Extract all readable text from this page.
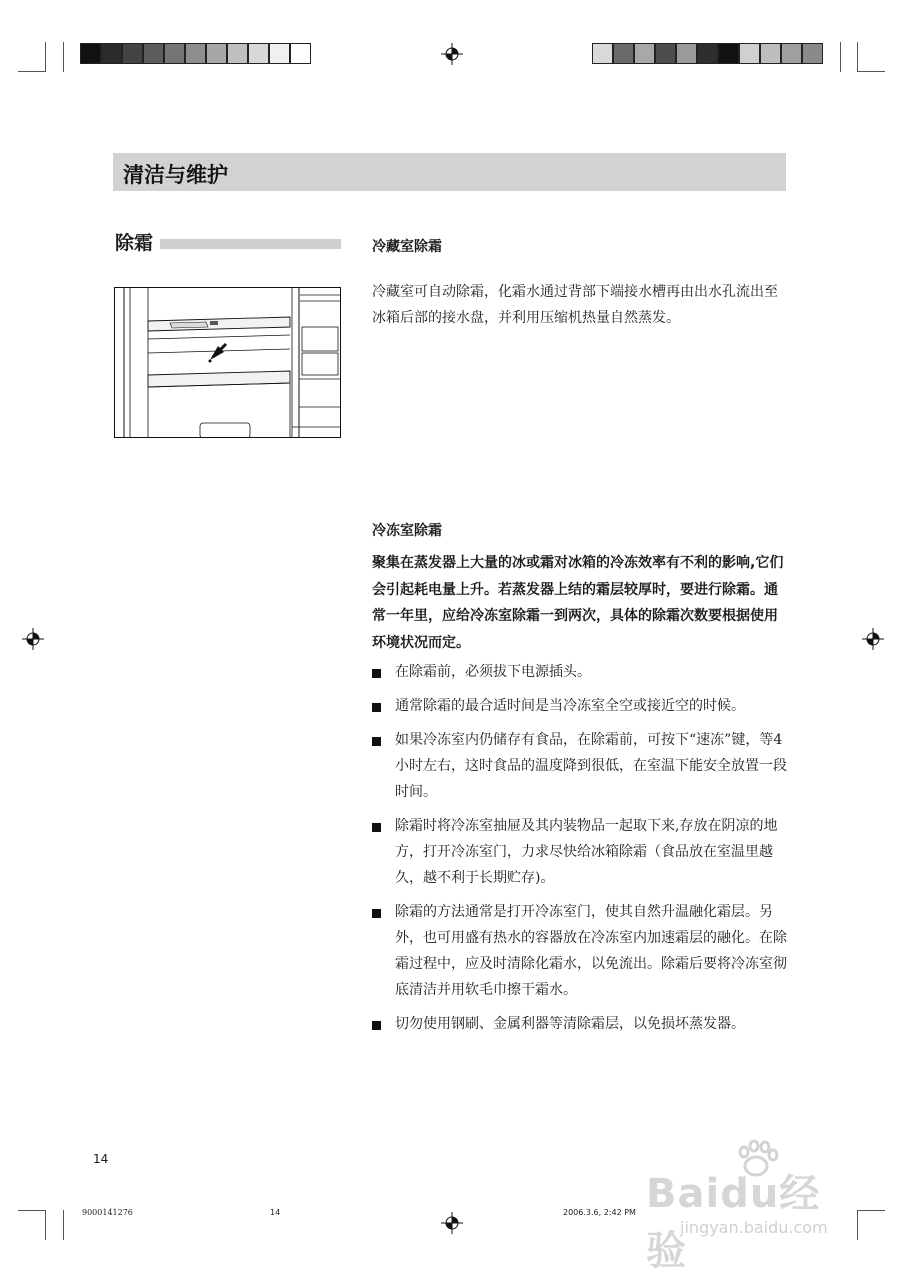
清洁与维护
除霜	冷藏室除霜
冷藏室可自动除霜，化霜水通过背部下端接水槽再由出水孔流出至冰箱后部的接水盘，并利用压缩机热量自然蒸发。
冷冻室除霜
聚集在蒸发器上大量的冰或霜对冰箱的冷冻效率有不利的影响,它们会引起耗电量上升。若蒸发器上结的霜层较厚时，要进行除霜。通常一年里，应给冷冻室除霜一到两次，具体的除霜次数要根据使用环境状况而定。
在除霜前，必须拔下电源插头。
通常除霜的最合适时间是当冷冻室全空或接近空的时候。
如果冷冻室内仍储存有食品，在除霜前，可按下“速冻”键，等4小时左右，这时食品的温度降到很低，在室温下能安全放置一段时间。
除霜时将冷冻室抽屉及其内装物品一起取下来,存放在阴凉的地方，打开冷冻室门，力求尽快给冰箱除霜（食品放在室温里越久，越不利于长期贮存)。
除霜的方法通常是打开冷冻室门，使其自然升温融化霜层。另外，也可用盛有热水的容器放在冷冻室内加速霜层的融化。在除霜过程中，应及时清除化霜水，以免流出。除霜后要将冷冻室彻底清洁并用软毛巾擦干霜水。
切勿使用钢刷、金属利器等清除霜层，以免损坏蒸发器。
14
9000141276	14	2006.3.6, 2:42 PM Baidu经验
jingyan.baidu.com
